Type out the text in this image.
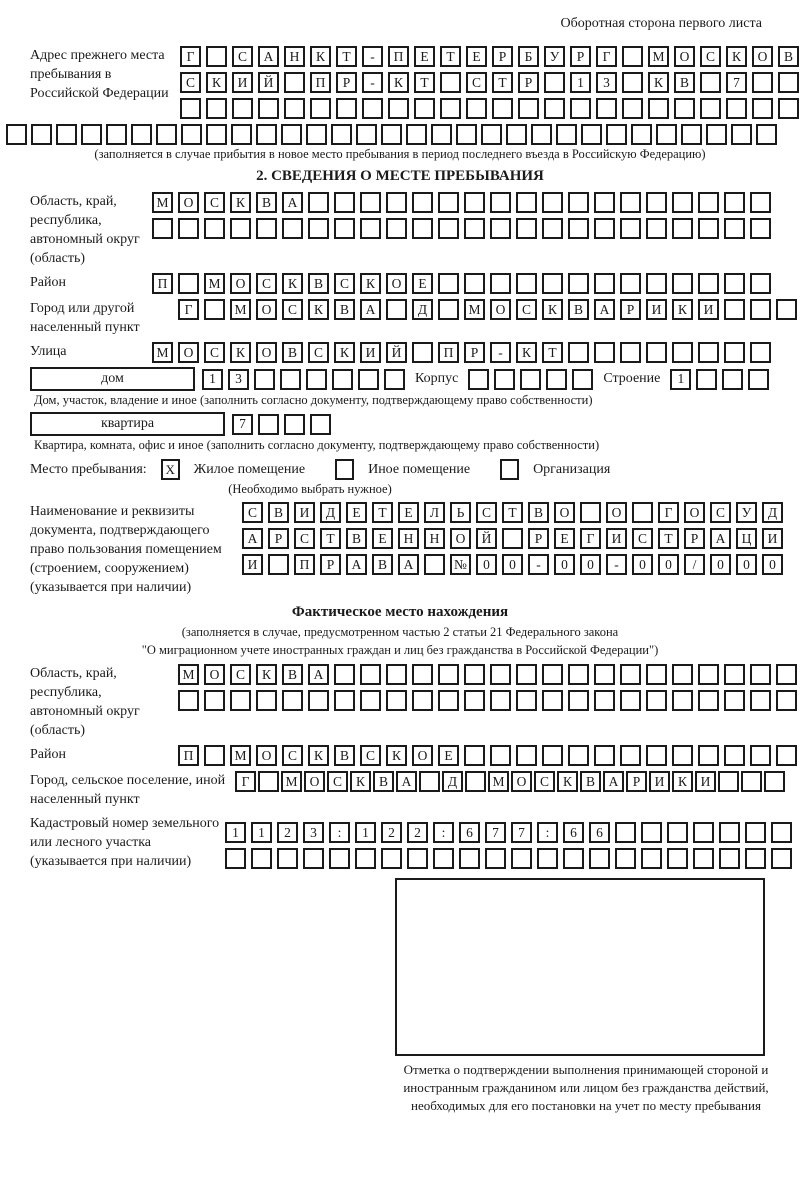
Оборотная сторона первого листа
Адрес прежнего места пребывания в Российской Федерации
Г	С	А	Н	К	Т	-	П	Е	Т	Е	Р	Б	У	Р	Г	М	О	С	К	О	В
С	К	И	Й	П	Р	-	К	Т	С	Т	Р	1	3	К	В	7
(заполняется в случае прибытия в новое место пребывания в период последнего въезда в Российскую Федерацию)
2. СВЕДЕНИЯ О МЕСТЕ ПРЕБЫВАНИЯ
Область, край, республика, автономный округ (область)
М	О	С	К	В	А
Район	П	М	О	С	К	В	С	К	О	Е
Город или другой населенный пункт
Г	М	О	С	К	В	А	Д	М	О	С	К	В	А	Р	И	К	И
Улица	М	О	С	К	О	В	С	К	И	Й	П	Р	-	К	Т
дом	1	3	Корпус	Строение	1
Дом, участок, владение и иное (заполнить согласно документу, подтверждающему право собственности)
квартира	7
Квартира, комната, офис и иное (заполнить согласно документу, подтверждающему право собственности)
Место пребывания:	X	Жилое помещение	Иное помещение	Организация
(Необходимо выбрать нужное)
Наименование и реквизиты документа, подтверждающего право пользования помещением (строением, сооружением) (указывается при наличии)
С	В	И	Д	Е	Т	Е	Л	Ь	С	Т	В	О	О	Г	О	С	У	Д
А	Р	С	Т	В	Е	Н	Н	О	Й	Р	Е	Г	И	С	Т	Р	А	Ц	И
И	П	Р	А	В	А	№	0	0	-	0	0	-	0	0	/	0	0	0
Фактическое место нахождения
(заполняется в случае, предусмотренном частью 2 статьи 21 Федерального закона
"О миграционном учете иностранных граждан и лиц без гражданства в Российской Федерации")
Область, край, республика, автономный округ (область)
М	О	С	К	В	А
Район	П	М	О	С	К	В	С	К	О	Е
Город, сельское поселение, иной населенный пункт
Г	М О	С	К	В	А	Д	М О	С	К	В	А	Р	И	К	И
Кадастровый номер земельного или лесного участка (указывается при наличии)
1	1	2	3	:	1	2	2	:	6	7	7	:	6	6
Отметка о подтверждении выполнения принимающей стороной и иностранным гражданином или лицом без гражданства действий, необходимых для его постановки на учет по месту пребывания
